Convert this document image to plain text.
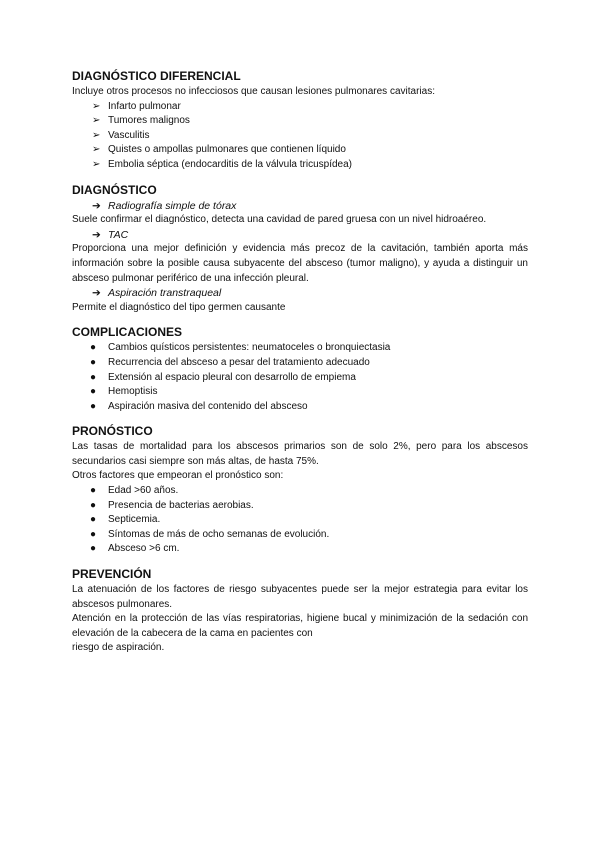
DIAGNÓSTICO DIFERENCIAL

Incluye otros procesos no infecciosos que causan lesiones pulmonares cavitarias:

➢ Infarto pulmonar
➢ Tumores malignos
➢ Vasculitis
➢ Quistes o ampollas pulmonares que contienen líquido
➢ Embolia séptica (endocarditis de la válvula tricuspídea)
DIAGNÓSTICO
➔ Radiografía simple de tórax

Suele confirmar el diagnóstico, detecta una cavidad de pared gruesa con un nivel hidroaéreo.

➔ TAC

Proporciona una mejor definición y evidencia más precoz de la cavitación, también aporta más información sobre la posible causa subyacente del absceso (tumor maligno), y ayuda a distinguir un absceso pulmonar periférico de una infección pleural.

➔ Aspiración transtraqueal

Permite el diagnóstico del tipo germen causante

COMPLICACIONES
● Cambios quísticos persistentes: neumatoceles o bronquiectasia
● Recurrencia del absceso a pesar del tratamiento adecuado
● Extensión al espacio pleural con desarrollo de empiema
● Hemoptisis
● Aspiración masiva del contenido del absceso
PRONÓSTICO

Las tasas de mortalidad para los abscesos primarios son de solo 2%, pero para los abscesos secundarios casi siempre son más altas, de hasta 75%.

Otros factores que empeoran el pronóstico son:

● Edad >60 años.
● Presencia de bacterias aerobias.
● Septicemia.
● Síntomas de más de ocho semanas de evolución.
● Absceso >6 cm.
PREVENCIÓN

La atenuación de los factores de riesgo subyacentes puede ser la mejor estrategia para evitar los abscesos pulmonares.

Atención en la protección de las vías respiratorias, higiene bucal y minimización de la sedación con elevación de la cabecera de la cama en pacientes con

riesgo de aspiración.
